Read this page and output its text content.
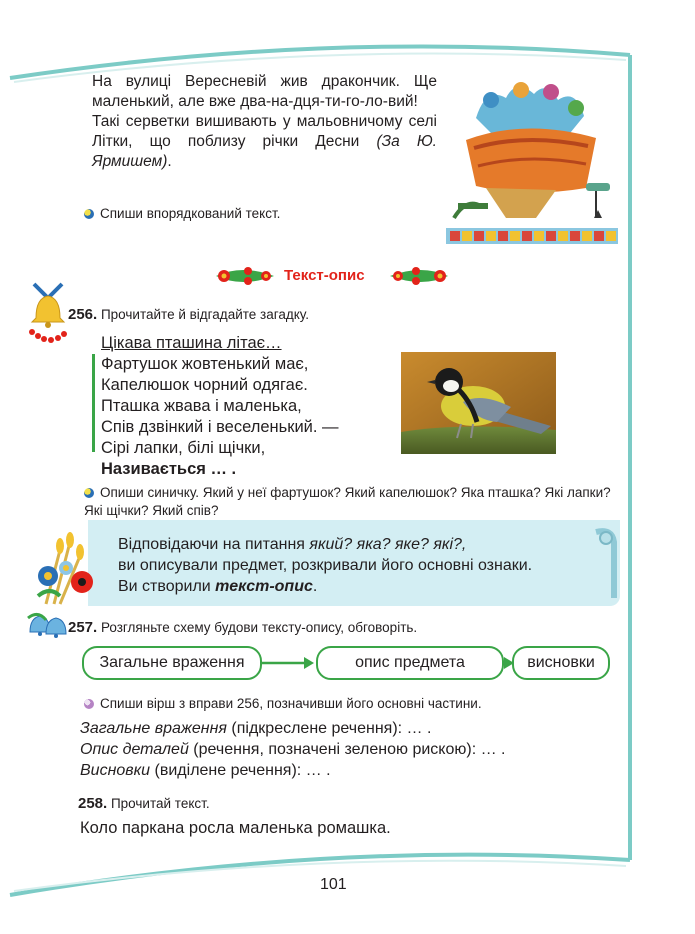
На вулиці Вересневій жив дракончик. Ще маленький, але вже два-на-дця-ти-го-ло-вий!

Такі серветки вишивають у мальовничому селі Літки, що поблизу річки Десни (За Ю. Ярмишем).

Спиши впорядкований текст.
Текст-опис
256. Прочитайте й відгадайте загадку.
Цікава пташина літає…
Фартушок жовтенький має,
Капелюшок чорний одягає.
Пташка жвава і маленька,
Спів дзвінкий і веселенький. —
Сірі лапки, білі щічки,
Називається … .
Опиши синичку. Який у неї фартушок? Який капелюшок? Яка пташка? Які лапки? Які щічки? Який спів?
Відповідаючи на питання який? яка? яке? які?,
ви описували предмет, розкривали його основні ознаки.
Ви створили текст-опис.
257. Розгляньте схему будови тексту-опису, обговоріть.
Загальне враження	опис предмета	висновки
Спиши вірш з вправи 256, позначивши його основні частини.
Загальне враження (підкреслене речення): … .
Опис деталей (речення, позначені зеленою рискою): … .
Висновки (виділене речення): … .
258. Прочитай текст.
Коло паркана росла маленька ромашка.
101
